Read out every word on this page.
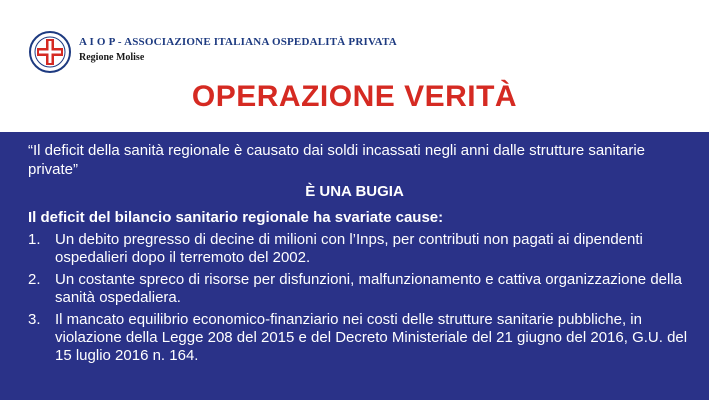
A I O P - ASSOCIAZIONE ITALIANA OSPEDALITÀ PRIVATA
Regione Molise
OPERAZIONE VERITÀ
“Il deficit della sanità regionale è causato dai soldi incassati negli anni dalle strutture sanitarie private”
È UNA BUGIA
Il deficit del bilancio sanitario regionale ha svariate cause:
1. Un debito pregresso di decine di milioni con l’Inps, per contributi non pagati ai dipendenti ospedalieri dopo il terremoto del 2002.
2. Un costante spreco di risorse per disfunzioni, malfunzionamento e cattiva organizzazione della sanità ospedaliera.
3. Il mancato equilibrio economico-finanziario nei costi delle strutture sanitarie pubbliche, in violazione della Legge 208 del 2015 e del Decreto Ministeriale del 21 giugno del 2016, G.U. del 15 luglio 2016 n. 164.
